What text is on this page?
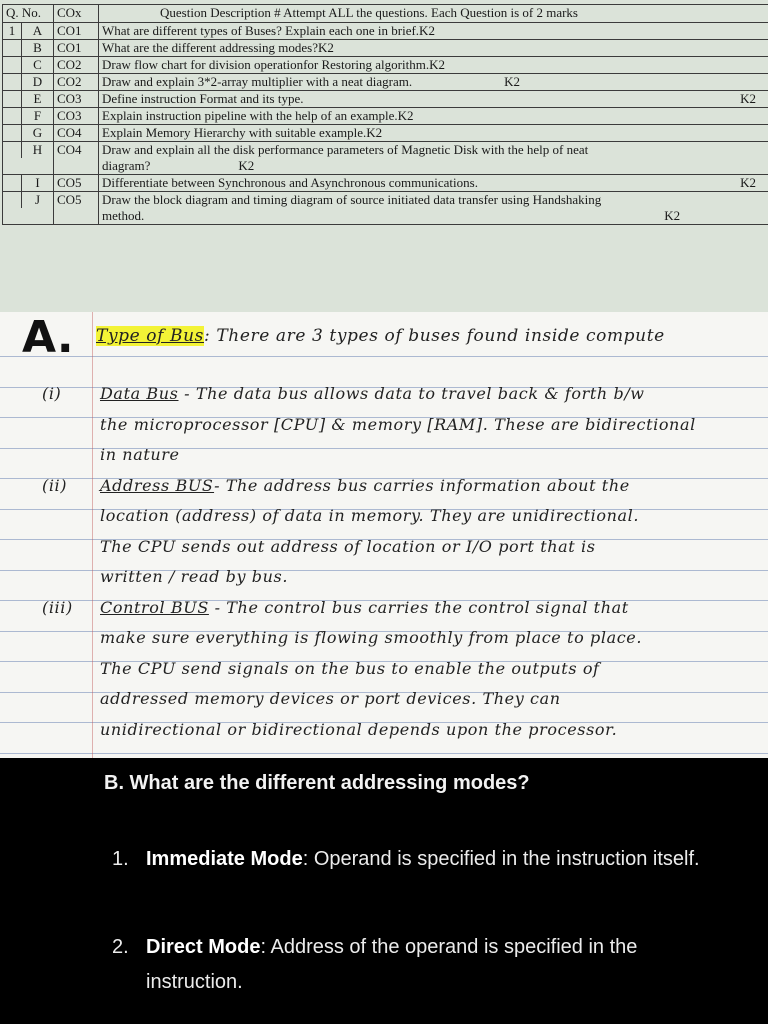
Q. No.	COx	Question Description # Attempt ALL the questions. Each Question is of 2 marks

1 A	CO1	What are different types of Buses? Explain each one in brief.K2

B	CO1	What are the different addressing modes?K2

C	CO2	Draw flow chart for division operationfor Restoring algorithm.K2

D	CO2	Draw and explain 3*2-array multiplier with a neat diagram. K2

E	CO3	Define instruction Format and its type. K2

F	CO3	Explain instruction pipeline with the help of an example.K2

G	CO4	Explain Memory Hierarchy with suitable example.K2

H	CO4	Draw and explain all the disk performance parameters of Magnetic Disk with the help of neat
diagram? K2

I	CO5	Differentiate between Synchronous and Asynchronous communications. K2

J	CO5	Draw the block diagram and timing diagram of source initiated data transfer using Handshaking
method. K2
A. Type of Bus: There are 3 types of buses found inside compute
(i) Data Bus - The data bus allows data to travel back & forth b/w
the microprocessor [CPU] & memory [RAM]. These are bidirectional
in nature
(ii) Address BUS- The address bus carries information about the
location (address) of data in memory. They are unidirectional.
The CPU sends out address of location or I/O port that is
written / read by bus.
(iii) Control BUS - The control bus carries the control signal that
make sure everything is flowing smoothly from place to place.
The CPU send signals on the bus to enable the outputs of
addressed memory devices or port devices. They can
unidirectional or bidirectional depends upon the processor.
B. What are the different addressing modes?
1. Immediate Mode: Operand is specified in the instruction itself.
2. Direct Mode: Address of the operand is specified in the instruction.
